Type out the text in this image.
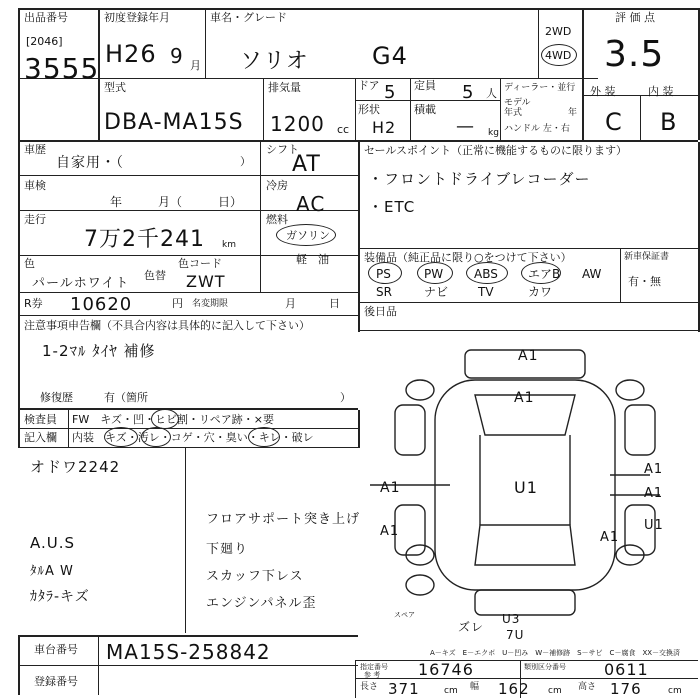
出品番号
[2046]
3555
初度登録年月
H26 9 月
車名・グレード
ソリオ	G4
2WD
4WD
評 価 点
3.5
型式
DBA-MA15S
排気量
1200 cc
ドア 5 定員 5 人
形状
H2
積載
— kg
ディーラー・並行
モデル
年式	年
ハンドル 左・右
外 装	内 装
C B
車歴
自家用・（	）
車検
年　　　月（　　　日）
走行
7万2千241 km
色
パールホワイト
色替
色コード
ZWT
R券 10620	円 名変期限	月　　　日
シフト
AT
冷房
AC
燃料
ガソリン
軽　油
注意事項申告欄（不具合内容は具体的に記入して下さい）
1-2ﾏﾙ ﾀｲﾔ 補修
修復歴	有（箇所	）
セールスポイント（正常に機能するものに限ります）
・フロントドライブレコーダー
・ETC
装備品（純正品に限り○をつけて下さい）	新車保証書
有・無
PS	PW	ABS	エアB AW
SR	ナビ TV	カワ
後日品
検査員
記入欄
FW　キズ・凹・ヒビ割・リペア跡・×要
内装　キズ・汚レ・コゲ・穴・臭い・キレ・破レ
オドワ2242
A.U.S
ﾀﾙA W
ｶﾀﾗ-キズ
フロアサポート突き上げ
下廻り
スカッフ下レス
エンジンパネル歪
A1
A1
U1
A1
A1
A1
U1
A1	A1
ズレ
U3
7U
スペア
A－キズ　E－エクボ　U－凹み　W－補修跡　S－サビ　C－腐食　XX－交換済
車台番号 MA15S-258842
登録番号
指定番号
参 考 16746	類別区分番号 0611
長さ 371	cm 幅 162 cm 高さ 176	cm
